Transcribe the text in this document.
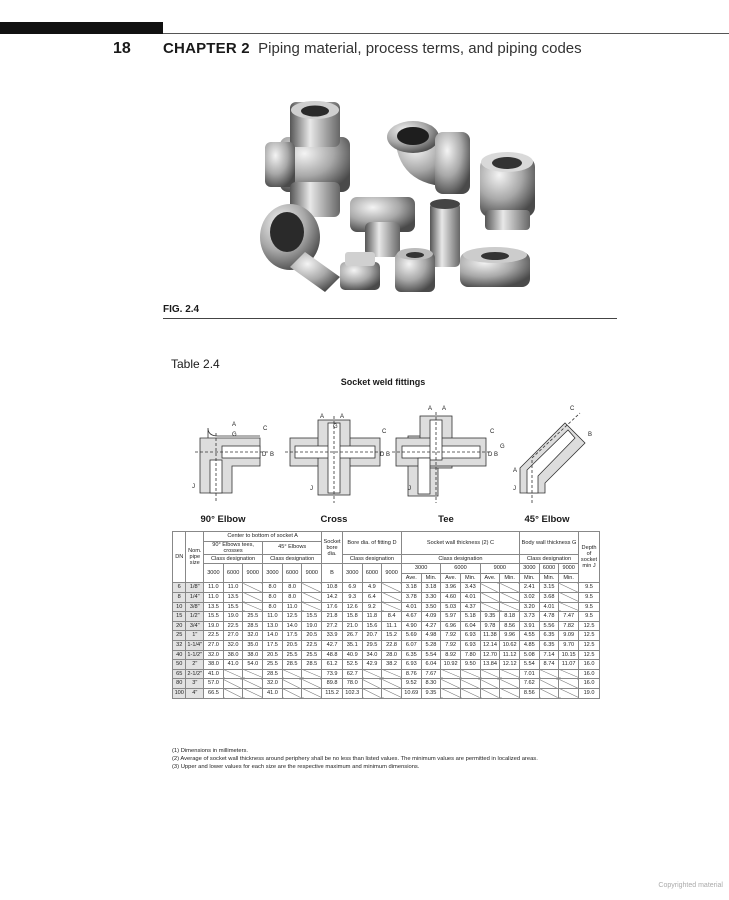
18 CHAPTER 2 Piping material, process terms, and piping codes
FIG. 2.4
Table 2.4
Socket weld fittings
A
G
C
D B
J
A	A
G
C
D B
J
A A
C
D B
J
C
B
G
A
J
90° Elbow	Cross	Tee	45° Elbow
DN	Nom. pipe size	Center to bottom of socket A						Socket bore dia.	Bore dia. of fitting D			Socket wall thickness (2) C						Body wall thickness G			Depth of socket min J
		90° Elbows tees, crosses			45° Elbows																
		Class designation			Class designation				Class designation			Class designation						Class designation			
		3000	6000	9000	3000	6000	9000	B	3000	6000	9000	3000		6000		9000		3000	6000	9000	
												Ave.	Min.	Ave.	Min.	Ave.	Min.	Min.	Min.	Min.	
6	1/8"	11.0	11.0		8.0	8.0		10.8	6.9	4.9		3.18	3.18	3.96	3.43			2.41	3.15		9.5
8	1/4"	11.0	13.5		8.0	8.0		14.2	9.3	6.4		3.78	3.30	4.60	4.01			3.02	3.68		9.5
10	3/8"	13.5	15.5		8.0	11.0		17.6	12.6	9.2		4.01	3.50	5.03	4.37			3.20	4.01		9.5
15	1/2"	15.5	19.0	25.5	11.0	12.5	15.5	21.8	15.8	11.8	8.4	4.67	4.09	5.97	5.18	9.35	8.18	3.73	4.78	7.47	9.5
20	3/4"	19.0	22.5	28.5	13.0	14.0	19.0	27.2	21.0	15.6	11.1	4.90	4.27	6.96	6.04	9.78	8.56	3.91	5.56	7.82	12.5
25	1"	22.5	27.0	32.0	14.0	17.5	20.5	33.9	26.7	20.7	15.2	5.69	4.98	7.92	6.93	11.38	9.96	4.55	6.35	9.09	12.5
32	1-1/4"	27.0	32.0	35.0	17.5	20.5	22.5	42.7	35.1	29.5	22.8	6.07	5.28	7.92	6.93	12.14	10.62	4.85	6.35	9.70	12.5
40	1-1/2"	32.0	38.0	38.0	20.5	25.5	25.5	48.8	40.9	34.0	28.0	6.35	5.54	8.92	7.80	12.70	11.12	5.08	7.14	10.15	12.5
50	2"	38.0	41.0	54.0	25.5	28.5	28.5	61.2	52.5	42.9	38.2	6.93	6.04	10.92	9.50	13.84	12.12	5.54	8.74	11.07	16.0
65	2-1/2"	41.0			28.5			73.9	62.7			8.76	7.67					7.01			16.0
80	3"	57.0			32.0			89.8	78.0			9.52	8.30					7.62			16.0
100	4"	66.5			41.0			115.2	102.3			10.69	9.35					8.56			19.0
(1) Dimensions in millimeters.
(2) Average of socket wall thickness around periphery shall be no less than listed values. The minimum values are permitted in localized areas.
(3) Upper and lower values for each size are the respective maximum and minimum dimensions.
Copyrighted material
